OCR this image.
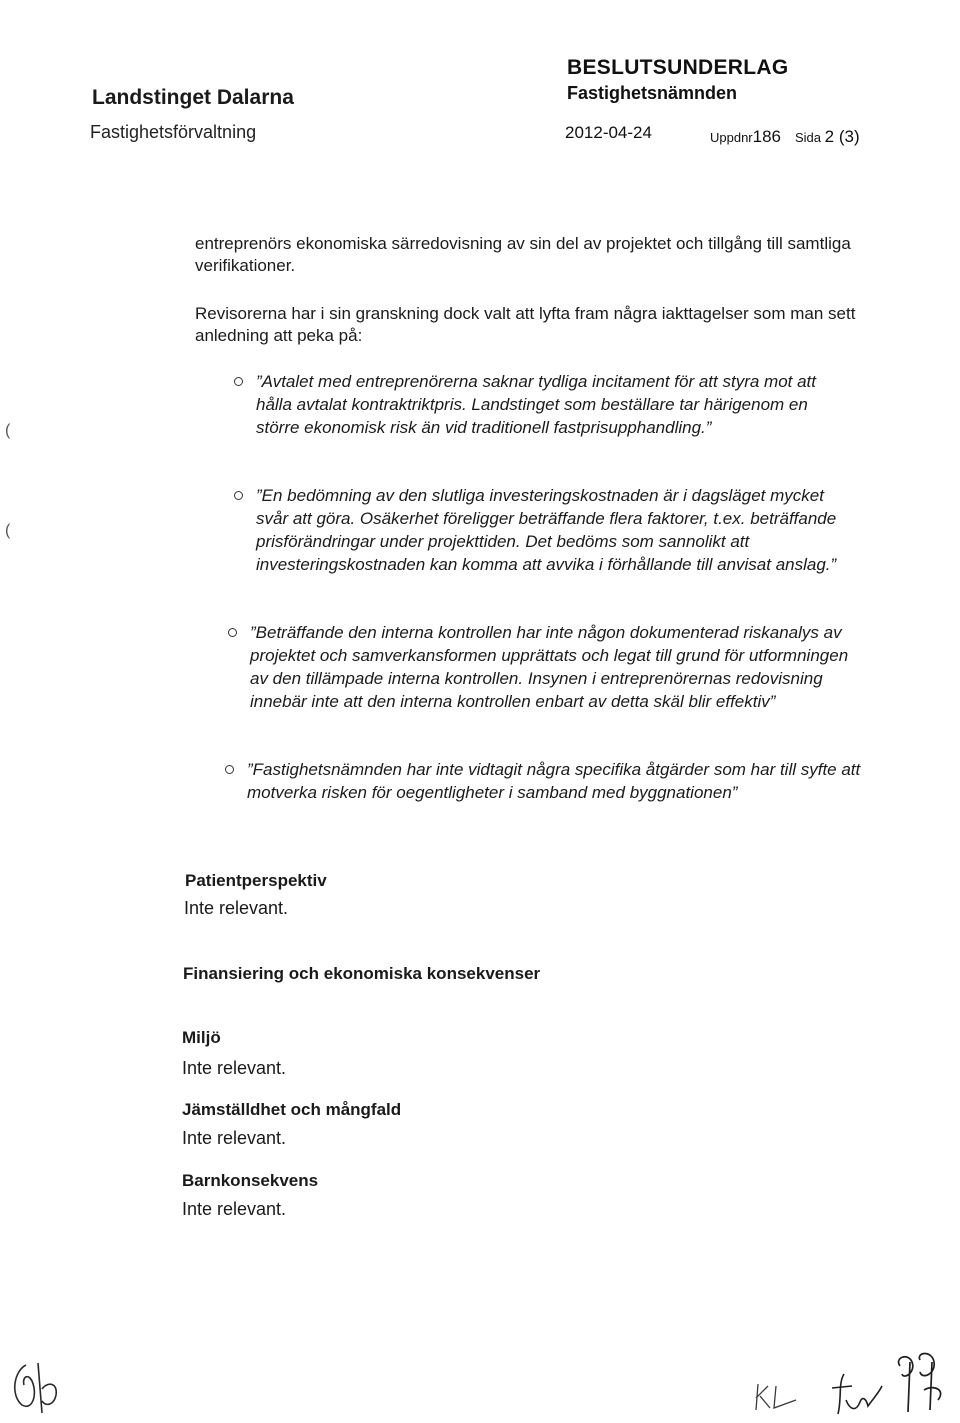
Landstinget Dalarna
Fastighetsförvaltning
BESLUTSUNDERLAG
Fastighetsnämnden
2012-04-24	Uppdnr186 Sida 2 (3)
entreprenörs ekonomiska särredovisning av sin del av projektet och tillgång till samtliga verifikationer.
Revisorerna har i sin granskning dock valt att lyfta fram några iakttagelser som man sett anledning att peka på:
”Avtalet med entreprenörerna saknar tydliga incitament för att styra mot att hålla avtalat kontraktriktpris. Landstinget som beställare tar härigenom en större ekonomisk risk än vid traditionell fastprisupphandling.”
”En bedömning av den slutliga investeringskostnaden är i dagsläget mycket svår att göra. Osäkerhet föreligger beträffande flera faktorer, t.ex. beträffande prisförändringar under projekttiden. Det bedöms som sannolikt att investeringskostnaden kan komma att avvika i förhållande till anvisat anslag.”
”Beträffande den interna kontrollen har inte någon dokumenterad riskanalys av projektet och samverkansformen upprättats och legat till grund för utformningen av den tillämpade interna kontrollen. Insynen i entreprenörernas redovisning innebär inte att den interna kontrollen enbart av detta skäl blir effektiv”
”Fastighetsnämnden har inte vidtagit några specifika åtgärder som har till syfte att motverka risken för oegentligheter i samband med byggnationen”
Patientperspektiv
Inte relevant.
Finansiering och ekonomiska konsekvenser
Miljö
Inte relevant.
Jämställdhet och mångfald
Inte relevant.
Barnkonsekvens
Inte relevant.
(
(
